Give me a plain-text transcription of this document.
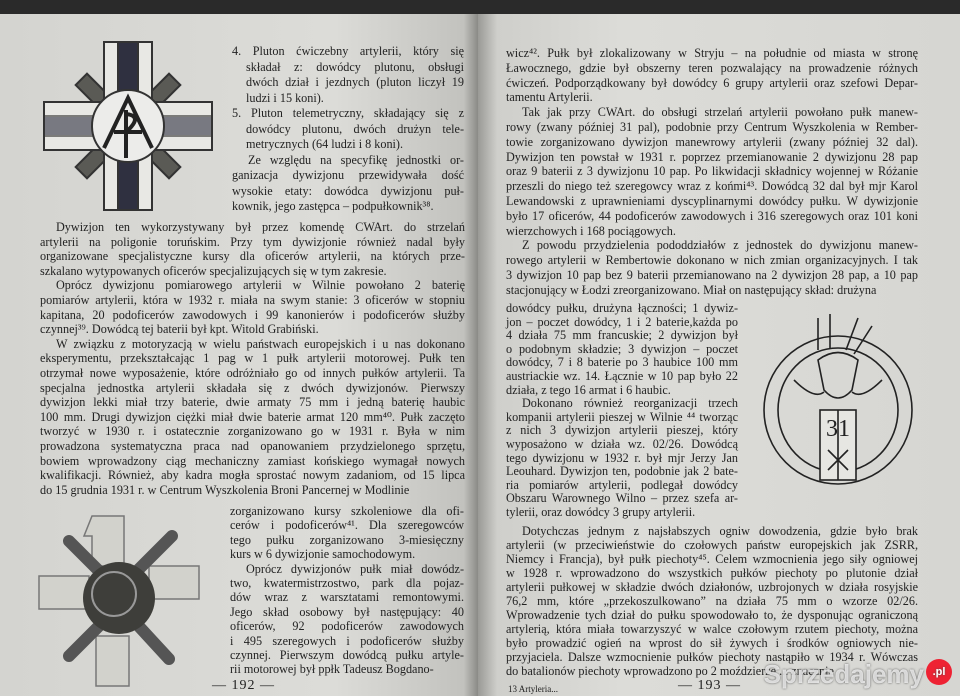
4. Pluton ćwiczebny artylerii, który się
składał z: dowódcy plutonu, obsługi
dwóch dział i jezdnych (pluton liczył 19
ludzi i 15 koni).
5. Pluton telemetryczny, składający się z
dowódcy plutonu, dwóch drużyn tele-
metrycznych (64 ludzi i 8 koni).
Ze względu na specyfikę jednostki or-
ganizacja dywizjonu przewidywała dość
wysokie etaty: dowódca dywizjonu puł-
kownik, jego zastępca – podpułkownik³⁸.
Dywizjon ten wykorzystywany był przez komendę CWArt. do strzelań
artylerii na poligonie toruńskim. Przy tym dywizjonie również nadal były
organizowane specjalistyczne kursy dla oficerów artylerii, na których prze-
szkalano wytypowanych oficerów specjalizujących się w tym zakresie.
Oprócz dywizjonu pomiarowego artylerii w Wilnie powołano 2 baterię
pomiarów artylerii, która w 1932 r. miała na swym stanie: 3 oficerów w stopniu
kapitana, 20 podoficerów zawodowych i 99 kanonierów i podoficerów służby
czynnej³⁹. Dowódcą tej baterii był kpt. Witold Grabiński.
W związku z motoryzacją w wielu państwach europejskich i u nas dokonano
eksperymentu, przekształcając 1 pag w 1 pułk artylerii motorowej. Pułk ten
otrzymał nowe wyposażenie, które odróżniało go od innych pułków artylerii. Ta
specjalna jednostka artylerii składała się z dwóch dywizjonów. Pierwszy
dywizjon lekki miał trzy baterie, dwie armaty 75 mm i jedną baterię haubic
100 mm. Drugi dywizjon ciężki miał dwie baterie armat 120 mm⁴⁰. Pułk zaczęto
tworzyć w 1930 r. i ostatecznie zorganizowano go w 1931 r. Była w nim
prowadzona systematyczna praca nad opanowaniem przydzielonego sprzętu,
bowiem wprowadzony ciąg mechaniczny zamiast końskiego wymagał nowych
kwalifikacji. Również, aby kadra mogła sprostać nowym zadaniom, od 15 lipca
do 15 grudnia 1931 r. w Centrum Wyszkolenia Broni Pancernej w Modlinie
zorganizowano kursy szkoleniowe dla ofi-
cerów i podoficerów⁴¹. Dla szeregowców
tego pułku zorganizowano 3-miesięczny
kurs w 6 dywizjonie samochodowym.
Oprócz dywizjonów pułk miał dowódz-
two, kwatermistrzostwo, park dla pojaz-
dów wraz z warsztatami remontowymi.
Jego skład osobowy był następujący: 40
oficerów, 92 podoficerów zawodowych
i 495 szeregowych i podoficerów służby
czynnej. Pierwszym dowódcą pułku artyle-
rii motorowej był ppłk Tadeusz Bogdano-
— 192 —
wicz⁴². Pułk był zlokalizowany w Stryju – na południe od miasta w stronę
Ławocznego, gdzie był obszerny teren pozwalający na prowadzenie różnych
ćwiczeń. Podporządkowany był dowódcy 6 grupy artylerii oraz szefowi Depar-
tamentu Artylerii.
Tak jak przy CWArt. do obsługi strzelań artylerii powołano pułk manew-
rowy (zwany później 31 pal), podobnie przy Centrum Wyszkolenia w Rember-
towie zorganizowano dywizjon manewrowy artylerii (zwany później 32 dal).
Dywizjon ten powstał w 1931 r. poprzez przemianowanie 2 dywizjonu 28 pap
oraz 9 baterii z 3 dywizjonu 10 pap. Po likwidacji składnicy wojennej w Różanie
przeszli do niego też szeregowcy wraz z końmi⁴³. Dowódcą 32 dal był mjr Karol
Lewandowski z uprawnieniami dyscyplinarnymi dowódcy pułku. W dywizjonie
było 17 oficerów, 44 podoficerów zawodowych i 316 szeregowych oraz 101 koni
wierzchowych i 168 pociągowych.
Z powodu przydzielenia pododdziałów z jednostek do dywizjonu manew-
rowego artylerii w Rembertowie dokonano w nich zmian organizacyjnych. I tak
3 dywizjon 10 pap bez 9 baterii przemianowano na 2 dywizjon 28 pap, a 10 pap
stacjonujący w Łodzi zreorganizowano. Miał on następujący skład: drużyna
dowódcy pułku, drużyna łączności; 1 dywiz-
jon – poczet dowódcy, 1 i 2 baterie,każda po
4 działa 75 mm francuskie; 2 dywizjon był
o podobnym składzie; 3 dywizjon – poczet
dowódcy, 7 i 8 baterie po 3 haubice 100 mm
austriackie wz. 14. Łącznie w 10 pap było 22
działa, z tego 16 armat i 6 haubic.
Dokonano również reorganizacji trzech
kompanii artylerii pieszej w Wilnie ⁴⁴ tworząc
z nich 3 dywizjon artylerii pieszej, który
wyposażono w działa wz. 02/26. Dowódcą
tego dywizjonu w 1932 r. był mjr Jerzy Jan
Leouhard. Dywizjon ten, podobnie jak 2 bate-
ria pomiarów artylerii, podlegał dowódcy
Obszaru Warownego Wilno – przez szefa ar-
tylerii, oraz dowódcy 3 grupy artylerii.
31
Dotychczas jednym z najsłabszych ogniw dowodzenia, gdzie było brak
artylerii (w przeciwieństwie do czołowych państw europejskich jak ZSRR,
Niemcy i Francja), był pułk piechoty⁴⁵. Celem wzmocnienia jego siły ogniowej
w 1928 r. wprowadzono do wszystkich pułków piechoty po plutonie dział
artylerii pułkowej w składzie dwóch działonów, uzbrojonych w działa rosyjskie
76,2 mm, które „przekoszulkowano” na działa 75 mm o wzorze 02/26.
Wprowadzenie tych dział do pułku spowodowało to, że dysponując ograniczoną
artylerią, która miała towarzyszyć w walce czołowym rzutem piechoty, można
było prowadzić ogień na wprost do sił żywych i środków ogniowych nie-
przyjaciela. Dalsze wzmocnienie pułków piechoty nastąpiło w 1934 r. Wówczas
do batalionów piechoty wprowadzono po 2 moździerze ... znacznie
13 Artyleria...	— 193 — Sprzedajemy .pl
